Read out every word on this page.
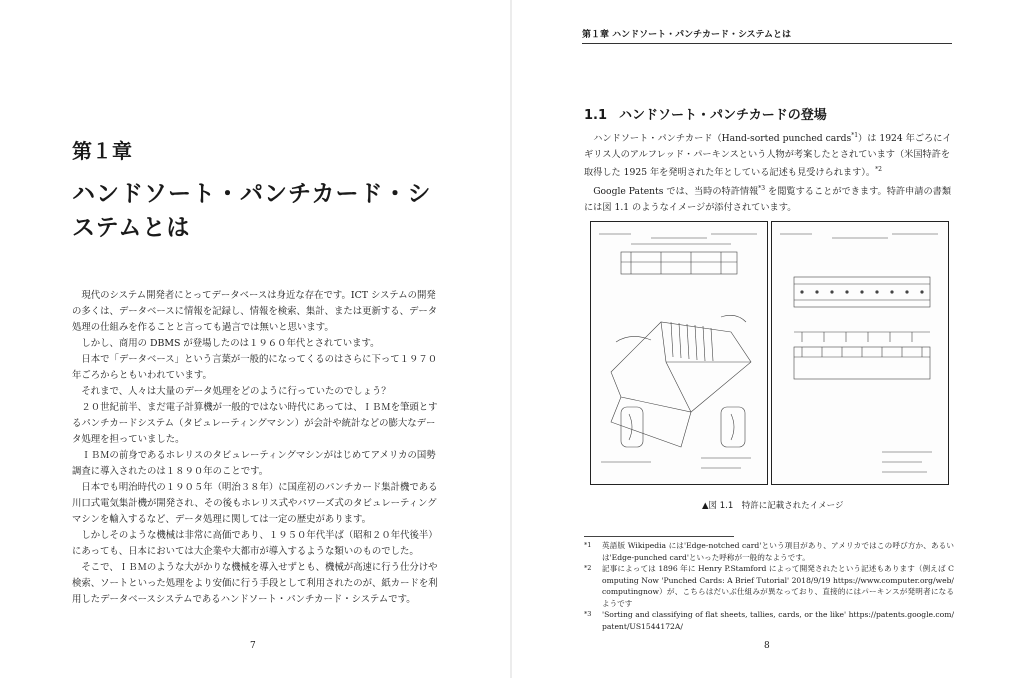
第１章
ハンドソート・パンチカード・システムとは

現代のシステム開発者にとってデータベースは身近な存在です。ICT システムの開発の多くは、データベースに情報を記録し、情報を検索、集計、または更新する、データ処理の仕組みを作ることと言っても過言では無いと思います。

しかし、商用の DBMS が登場したのは１９６０年代とされています。

日本で「データベース」という言葉が一般的になってくるのはさらに下って１９７０年ごろからともいわれています。

それまで、人々は大量のデータ処理をどのように行っていたのでしょう？

２０世紀前半、まだ電子計算機が一般的ではない時代にあっては、ＩＢＭを筆頭とするパンチカードシステム（タビュレーティングマシン）が会計や統計などの膨大なデータ処理を担っていました。

ＩＢＭの前身であるホレリスのタビュレーティングマシンがはじめてアメリカの国勢調査に導入されたのは１８９０年のことです。

日本でも明治時代の１９０５年（明治３８年）に国産初のパンチカード集計機である川口式電気集計機が開発され、その後もホレリス式やパワーズ式のタビュレーティングマシンを輸入するなど、データ処理に関しては一定の歴史があります。

しかしそのような機械は非常に高価であり、１９５０年代半ば（昭和２０年代後半）にあっても、日本においては大企業や大都市が導入するような類いのものでした。

そこで、ＩＢＭのような大がかりな機械を導入せずとも、機械が高速に行う仕分けや検索、ソートといった処理をより安価に行う手段として利用されたのが、紙カードを利用したデータベースシステムであるハンドソート・パンチカード・システムです。

7
第１章 ハンドソート・パンチカード・システムとは
1.1 ハンドソート・パンチカードの登場

ハンドソート・パンチカード（Hand-sorted punched cards$^{*1}$）は 1924 年ごろにイギリス人のアルフレッド・パーキンスという人物が考案したとされています（米国特許を取得した 1925 年を発明された年としている記述も見受けられます）。$^{*2}$

Google Patents では、当時の特許情報$^{*3}$ を閲覧することができます。特許申請の書類には図 1.1 のようなイメージが添付されています。

▲図 1.1　特許に記載されたイメージ
*1	英語版 Wikipedia には'Edge-notched card'という項目があり、アメリカではこの呼び方か、あるいは'Edge-punched card'といった呼称が一般的なようです。
*2	記事によっては 1896 年に Henry P.Stamford によって開発されたという記述もあります（例えば Computing Now 'Punched Cards: A Brief Tutorial' 2018/9/19 https://www.computer.org/web/computingnow）が、こちらはだいぶ仕組みが異なっており、直接的にはパーキンスが発明者になるようです
*3	'Sorting and classifying of flat sheets, tallies, cards, or the like' https://patents.google.com/patent/US1544172A/
8
